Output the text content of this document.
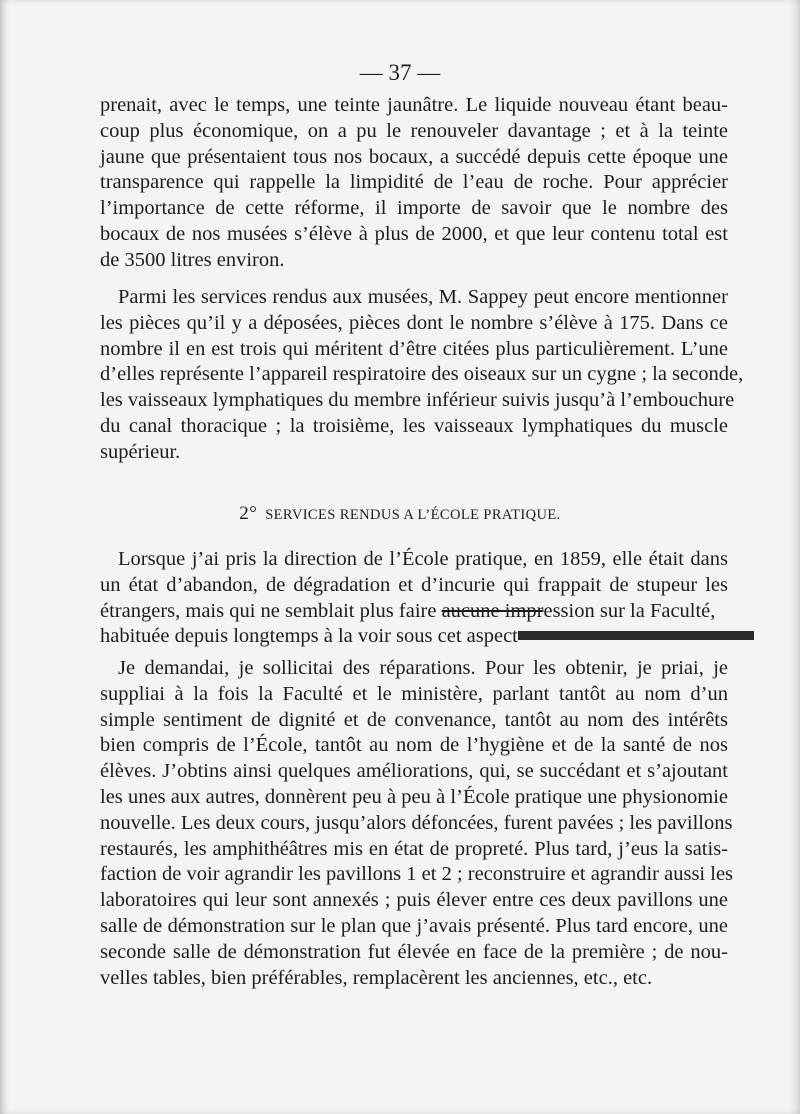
— 37 —
prenait, avec le temps, une teinte jaunâtre. Le liquide nouveau étant beau-
coup plus économique, on a pu le renouveler davantage ; et à la teinte
jaune que présentaient tous nos bocaux, a succédé depuis cette époque une
transparence qui rappelle la limpidité de l’eau de roche. Pour apprécier
l’importance de cette réforme, il importe de savoir que le nombre des
bocaux de nos musées s’élève à plus de 2000, et que leur contenu total est
de 3500 litres environ.
Parmi les services rendus aux musées, M. Sappey peut encore mentionner
les pièces qu’il y a déposées, pièces dont le nombre s’élève à 175. Dans ce
nombre il en est trois qui méritent d’être citées plus particulièrement. L’une
d’elles représente l’appareil respiratoire des oiseaux sur un cygne ; la seconde,
les vaisseaux lymphatiques du membre inférieur suivis jusqu’à l’embouchure
du canal thoracique ; la troisième, les vaisseaux lymphatiques du muscle
supérieur.
2° SERVICES RENDUS A L’ÉCOLE PRATIQUE.
Lorsque j’ai pris la direction de l’École pratique, en 1859, elle était dans
un état d’abandon, de dégradation et d’incurie qui frappait de stupeur les
étrangers, mais qui ne semblait plus faire aucune impression sur la Faculté,
habituée depuis longtemps à la voir sous cet aspect
Je demandai, je sollicitai des réparations. Pour les obtenir, je priai, je
suppliai à la fois la Faculté et le ministère, parlant tantôt au nom d’un
simple sentiment de dignité et de convenance, tantôt au nom des intérêts
bien compris de l’École, tantôt au nom de l’hygiène et de la santé de nos
élèves. J’obtins ainsi quelques améliorations, qui, se succédant et s’ajoutant
les unes aux autres, donnèrent peu à peu à l’École pratique une physionomie
nouvelle. Les deux cours, jusqu’alors défoncées, furent pavées ; les pavillons
restaurés, les amphithéâtres mis en état de propreté. Plus tard, j’eus la satis-
faction de voir agrandir les pavillons 1 et 2 ; reconstruire et agrandir aussi les
laboratoires qui leur sont annexés ; puis élever entre ces deux pavillons une
salle de démonstration sur le plan que j’avais présenté. Plus tard encore, une
seconde salle de démonstration fut élevée en face de la première ; de nou-
velles tables, bien préférables, remplacèrent les anciennes, etc., etc.
